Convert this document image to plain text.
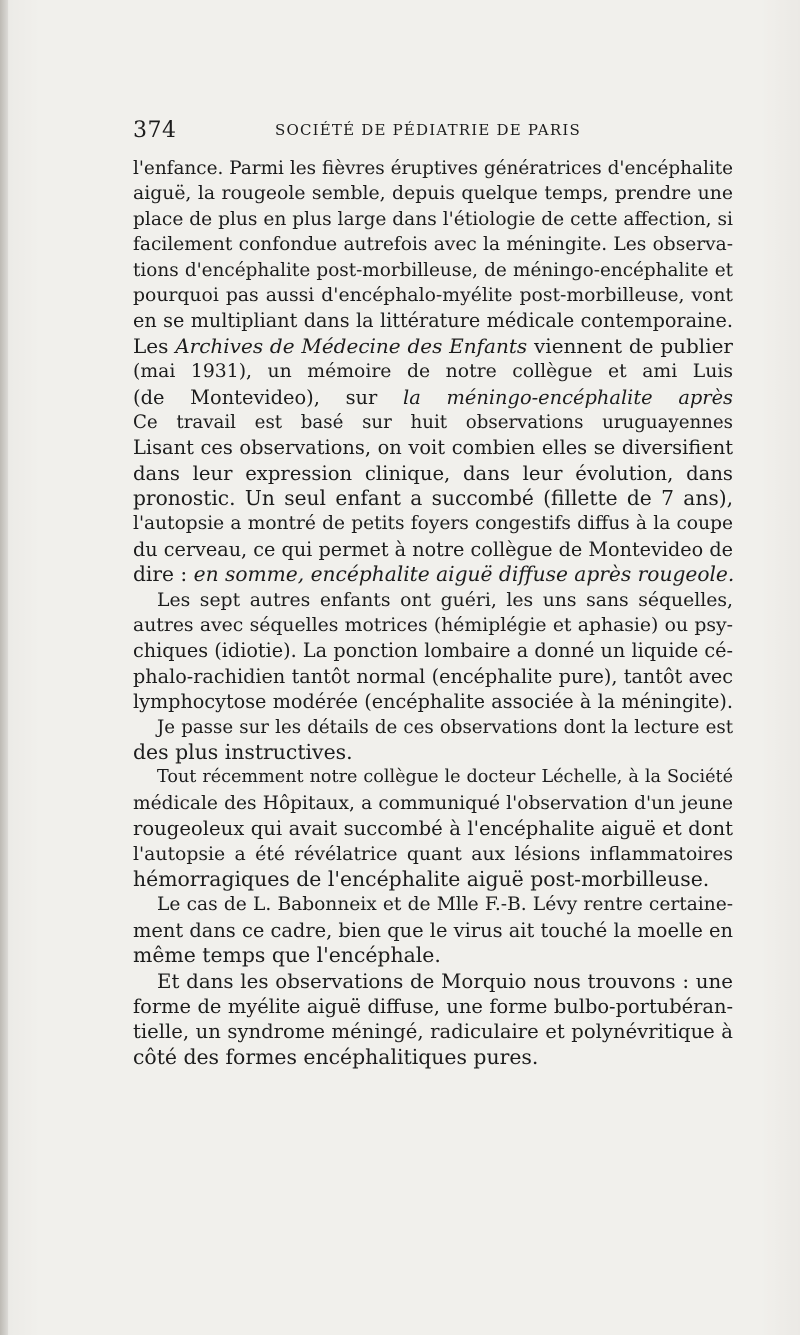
374	SOCIÉTÉ DE PÉDIATRIE DE PARIS
l'enfance. Parmi les fièvres éruptives génératrices d'encéphalite
aiguë, la rougeole semble, depuis quelque temps, prendre une
place de plus en plus large dans l'étiologie de cette affection, si
facilement confondue autrefois avec la méningite. Les observa-
tions d'encéphalite post-morbilleuse, de méningo-encéphalite et
pourquoi pas aussi d'encéphalo-myélite post-morbilleuse, vont
en se multipliant dans la littérature médicale contemporaine.
Les Archives de Médecine des Enfants viennent de publier
(mai 1931), un mémoire de notre collègue et ami Luis
(de Montevideo), sur la méningo-encéphalite après
Ce travail est basé sur huit observations uruguayennes
Lisant ces observations, on voit combien elles se diversifient
dans leur expression clinique, dans leur évolution, dans
pronostic. Un seul enfant a succombé (fillette de 7 ans),
l'autopsie a montré de petits foyers congestifs diffus à la coupe
du cerveau, ce qui permet à notre collègue de Montevideo de
dire : en somme, encéphalite aiguë diffuse après rougeole.
Les sept autres enfants ont guéri, les uns sans séquelles,
autres avec séquelles motrices (hémiplégie et aphasie) ou psy-
chiques (idiotie). La ponction lombaire a donné un liquide cé-
phalo-rachidien tantôt normal (encéphalite pure), tantôt avec
lymphocytose modérée (encéphalite associée à la méningite).
Je passe sur les détails de ces observations dont la lecture est
des plus instructives.
Tout récemment notre collègue le docteur Léchelle, à la Société
médicale des Hôpitaux, a communiqué l'observation d'un jeune
rougeoleux qui avait succombé à l'encéphalite aiguë et dont
l'autopsie a été révélatrice quant aux lésions inflammatoires
hémorragiques de l'encéphalite aiguë post-morbilleuse.
Le cas de L. Babonneix et de Mlle F.-B. Lévy rentre certaine-
ment dans ce cadre, bien que le virus ait touché la moelle en
même temps que l'encéphale.
Et dans les observations de Morquio nous trouvons : une
forme de myélite aiguë diffuse, une forme bulbo-portubéran-
tielle, un syndrome méningé, radiculaire et polynévritique à
côté des formes encéphalitiques pures.
